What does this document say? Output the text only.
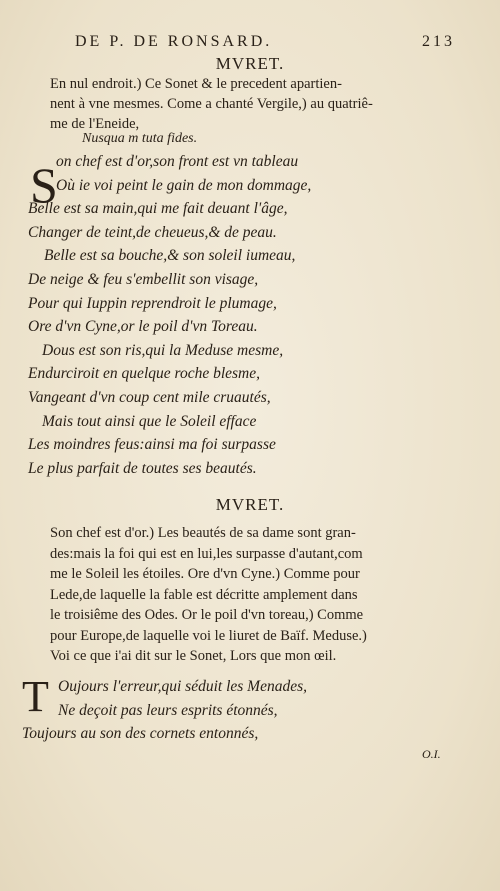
DE P. DE RONSARD.	213
MVRET.
En nul endroit.) Ce Sonet & le precedent apartien-
nent à vne mesmes. Come a chanté Vergile,) au quatriê-
me de l'Eneide,
Nusqua m tuta fides.
S
on chef est d'or,son front est vn tableau
Où ie voi peint le gain de mon dommage,
Belle est sa main,qui me fait deuant l'âge,
Changer de teint,de cheueus,& de peau.
Belle est sa bouche,& son soleil iumeau,
De neige & feu s'embellit son visage,
Pour qui Iuppin reprendroit le plumage,
Ore d'vn Cyne,or le poil d'vn Toreau.
Dous est son ris,qui la Meduse mesme,
Endurciroit en quelque roche blesme,
Vangeant d'vn coup cent mile cruautés,
Mais tout ainsi que le Soleil efface
Les moindres feus:ainsi ma foi surpasse
Le plus parfait de toutes ses beautés.
MVRET.
Son chef est d'or.) Les beautés de sa dame sont gran-
des:mais la foi qui est en lui,les surpasse d'autant,com
me le Soleil les étoiles. Ore d'vn Cyne.) Comme pour
Lede,de laquelle la fable est décritte amplement dans
le troisiême des Odes. Or le poil d'vn toreau,) Comme
pour Europe,de laquelle voi le liuret de Baïf. Meduse.)
Voi ce que i'ai dit sur le Sonet, Lors que mon œil.
T Oujours l'erreur,qui séduit les Menades,
Ne deçoit pas leurs esprits étonnés,
Toujours au son des cornets entonnés,
O.I.
